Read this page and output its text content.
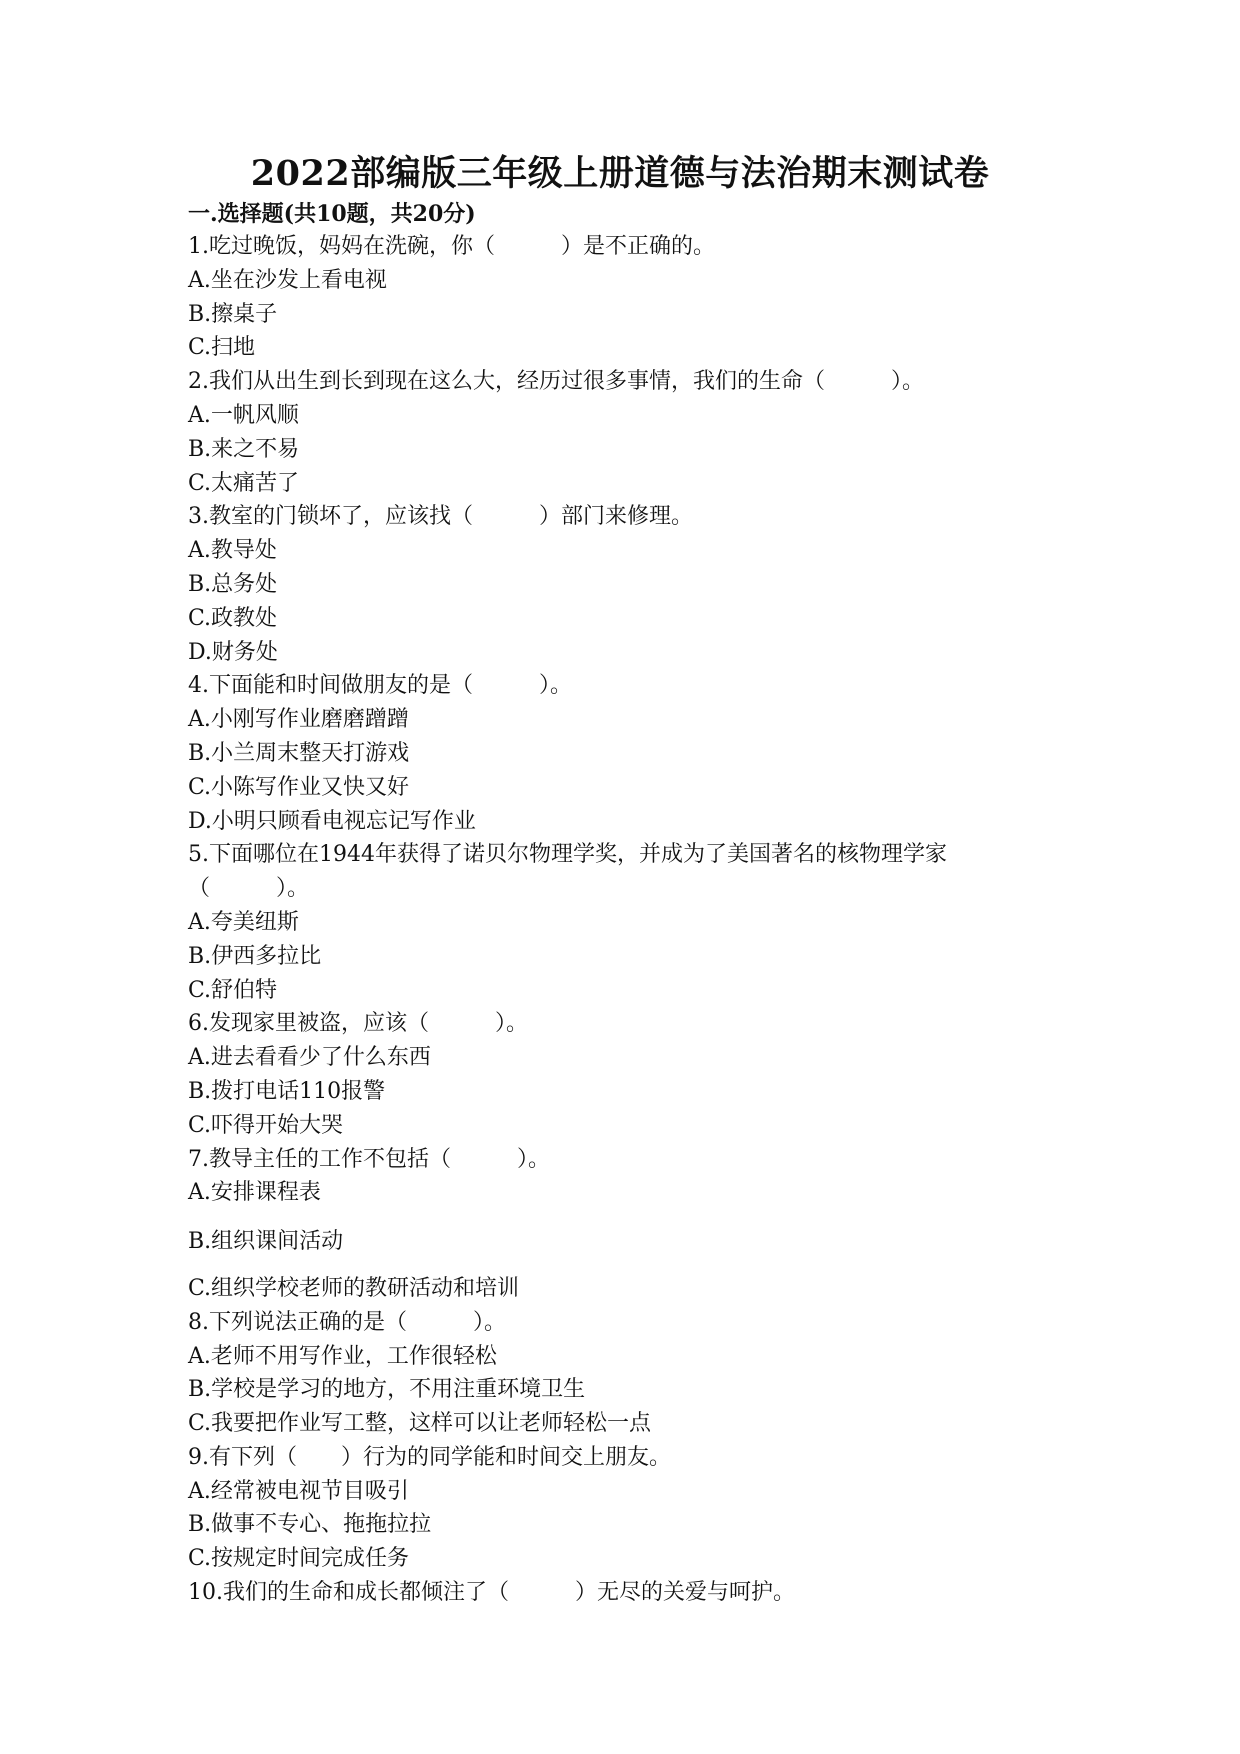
2022部编版三年级上册道德与法治期末测试卷
一.选择题(共10题，共20分)
1.吃过晚饭，妈妈在洗碗，你（　　　）是不正确的。
A.坐在沙发上看电视
B.擦桌子
C.扫地
2.我们从出生到长到现在这么大，经历过很多事情，我们的生命（　　　）。
A.一帆风顺
B.来之不易
C.太痛苦了
3.教室的门锁坏了，应该找（　　　）部门来修理。
A.教导处
B.总务处
C.政教处
D.财务处
4.下面能和时间做朋友的是（　　　）。
A.小刚写作业磨磨蹭蹭
B.小兰周末整天打游戏
C.小陈写作业又快又好
D.小明只顾看电视忘记写作业
5.下面哪位在1944年获得了诺贝尔物理学奖，并成为了美国著名的核物理学家
（　　　）。
A.夸美纽斯
B.伊西多拉比
C.舒伯特
6.发现家里被盗，应该（　　　）。
A.进去看看少了什么东西
B.拨打电话110报警
C.吓得开始大哭
7.教导主任的工作不包括（　　　）。
A.安排课程表
B.组织课间活动
C.组织学校老师的教研活动和培训
8.下列说法正确的是（　　　）。
A.老师不用写作业，工作很轻松
B.学校是学习的地方，不用注重环境卫生
C.我要把作业写工整，这样可以让老师轻松一点
9.有下列（　　）行为的同学能和时间交上朋友。
A.经常被电视节目吸引
B.做事不专心、拖拖拉拉
C.按规定时间完成任务
10.我们的生命和成长都倾注了（　　　）无尽的关爱与呵护。
